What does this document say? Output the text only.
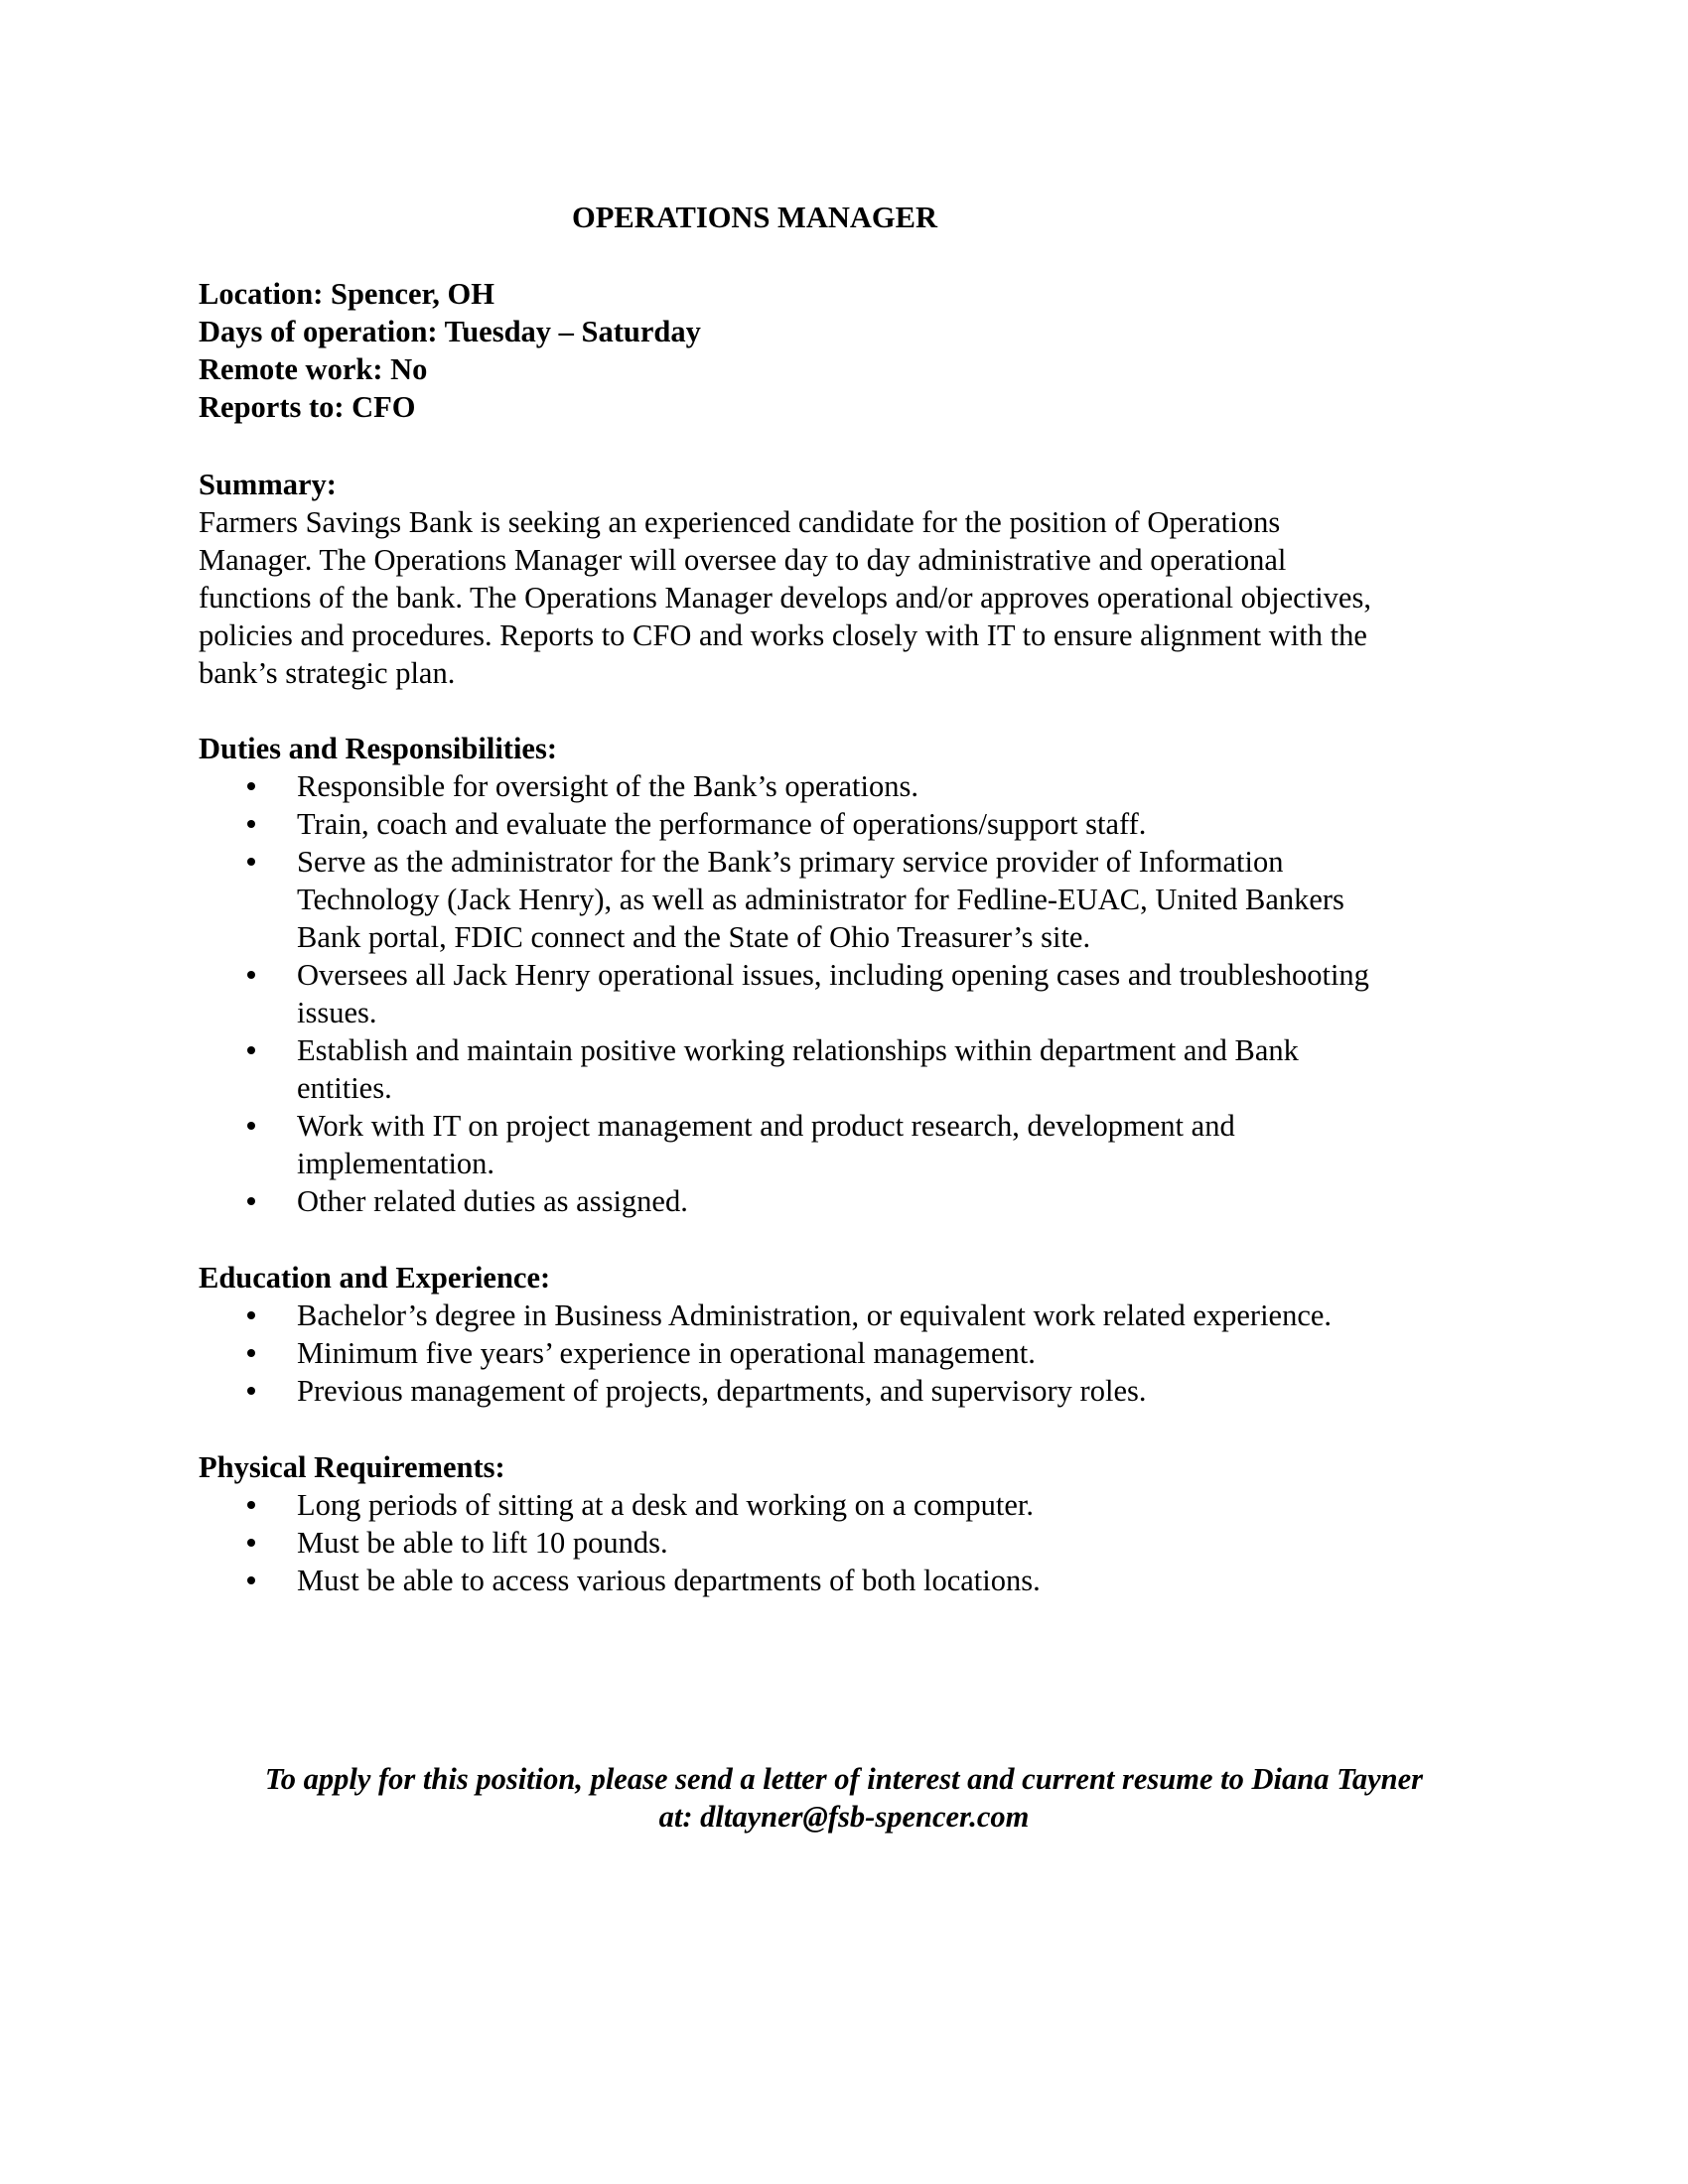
OPERATIONS MANAGER
Location: Spencer, OH
Days of operation: Tuesday – Saturday
Remote work: No
Reports to: CFO
Summary:
Farmers Savings Bank is seeking an experienced candidate for the position of Operations
Manager. The Operations Manager will oversee day to day administrative and operational
functions of the bank. The Operations Manager develops and/or approves operational objectives,
policies and procedures. Reports to CFO and works closely with IT to ensure alignment with the
bank’s strategic plan.
Duties and Responsibilities:
Responsible for oversight of the Bank’s operations.
Train, coach and evaluate the performance of operations/support staff.
Serve as the administrator for the Bank’s primary service provider of Information
Technology (Jack Henry), as well as administrator for Fedline-EUAC, United Bankers
Bank portal, FDIC connect and the State of Ohio Treasurer’s site.
Oversees all Jack Henry operational issues, including opening cases and troubleshooting
issues.
Establish and maintain positive working relationships within department and Bank
entities.
Work with IT on project management and product research, development and
implementation.
Other related duties as assigned.
Education and Experience:
Bachelor’s degree in Business Administration, or equivalent work related experience.
Minimum five years’ experience in operational management.
Previous management of projects, departments, and supervisory roles.
Physical Requirements:
Long periods of sitting at a desk and working on a computer.
Must be able to lift 10 pounds.
Must be able to access various departments of both locations.
To apply for this position, please send a letter of interest and current resume to Diana Tayner
at: dltayner@fsb-spencer.com
